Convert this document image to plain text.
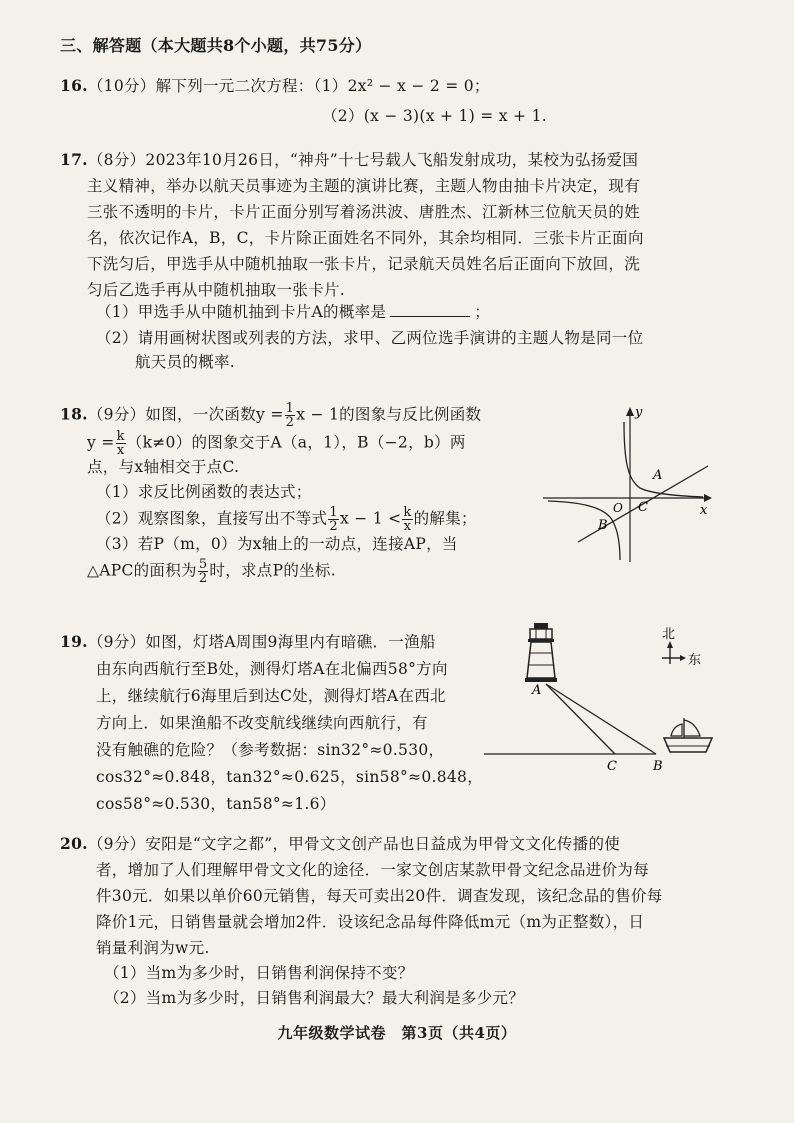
三、解答题（本大题共8个小题，共75分）
16.（10分）解下列一元二次方程：（1）2x² − x − 2 = 0；
（2）(x − 3)(x + 1) = x + 1.
17.（8分）2023年10月26日，“神舟”十七号载人飞船发射成功，某校为弘扬爱国
主义精神，举办以航天员事迹为主题的演讲比赛，主题人物由抽卡片决定，现有
三张不透明的卡片，卡片正面分别写着汤洪波、唐胜杰、江新林三位航天员的姓
名，依次记作A，B，C，卡片除正面姓名不同外，其余均相同．三张卡片正面向
下洗匀后，甲选手从中随机抽取一张卡片，记录航天员姓名后正面向下放回，洗
匀后乙选手再从中随机抽取一张卡片.
（1）甲选手从中随机抽到卡片A的概率是	；
（2）请用画树状图或列表的方法，求甲、乙两位选手演讲的主题人物是同一位
航天员的概率.
18.（9分）如图，一次函数$y = \frac{1}{2}$ x − 1的图象与反比例函数
$y = \frac{k}{x} (k\ne 0)$的图象交于A（a，1），B（−2，b）两
点，与x轴相交于点C.
（1）求反比例函数的表达式；
（2）观察图象，直接写出不等式 $\frac{1}{2}$ $x - 1 < \frac{k}{x}$ 的解集；
（3）若P（m，0）为x轴上的一动点，连接AP，当
△APC的面积为 $\frac{5}{2}$ 时，求点P的坐标.
y
x
O
A
C
B
19.（9分）如图，灯塔A周围9海里内有暗礁．一渔船
由东向西航行至B处，测得灯塔A在北偏西58°方向
上，继续航行6海里后到达C处，测得灯塔A在西北
方向上．如果渔船不改变航线继续向西航行，有
没有触礁的危险？（参考数据：sin32°≈0.530，
cos32°≈0.848，tan32°≈0.625，sin58°≈0.848，
cos58°≈0.530，tan58°≈1.6）
北
东
A
C	B
20.（9分）安阳是“文字之都”，甲骨文文创产品也日益成为甲骨文文化传播的使
者，增加了人们理解甲骨文文化的途径．一家文创店某款甲骨文纪念品进价为每
件30元．如果以单价60元销售，每天可卖出20件．调查发现，该纪念品的售价每
降价1元，日销售量就会增加2件．设该纪念品每件降低m元（m为正整数），日
销量利润为w元.
（1）当m为多少时，日销售利润保持不变？
（2）当m为多少时，日销售利润最大？最大利润是多少元？
九年级数学试卷　第3页（共4页）
